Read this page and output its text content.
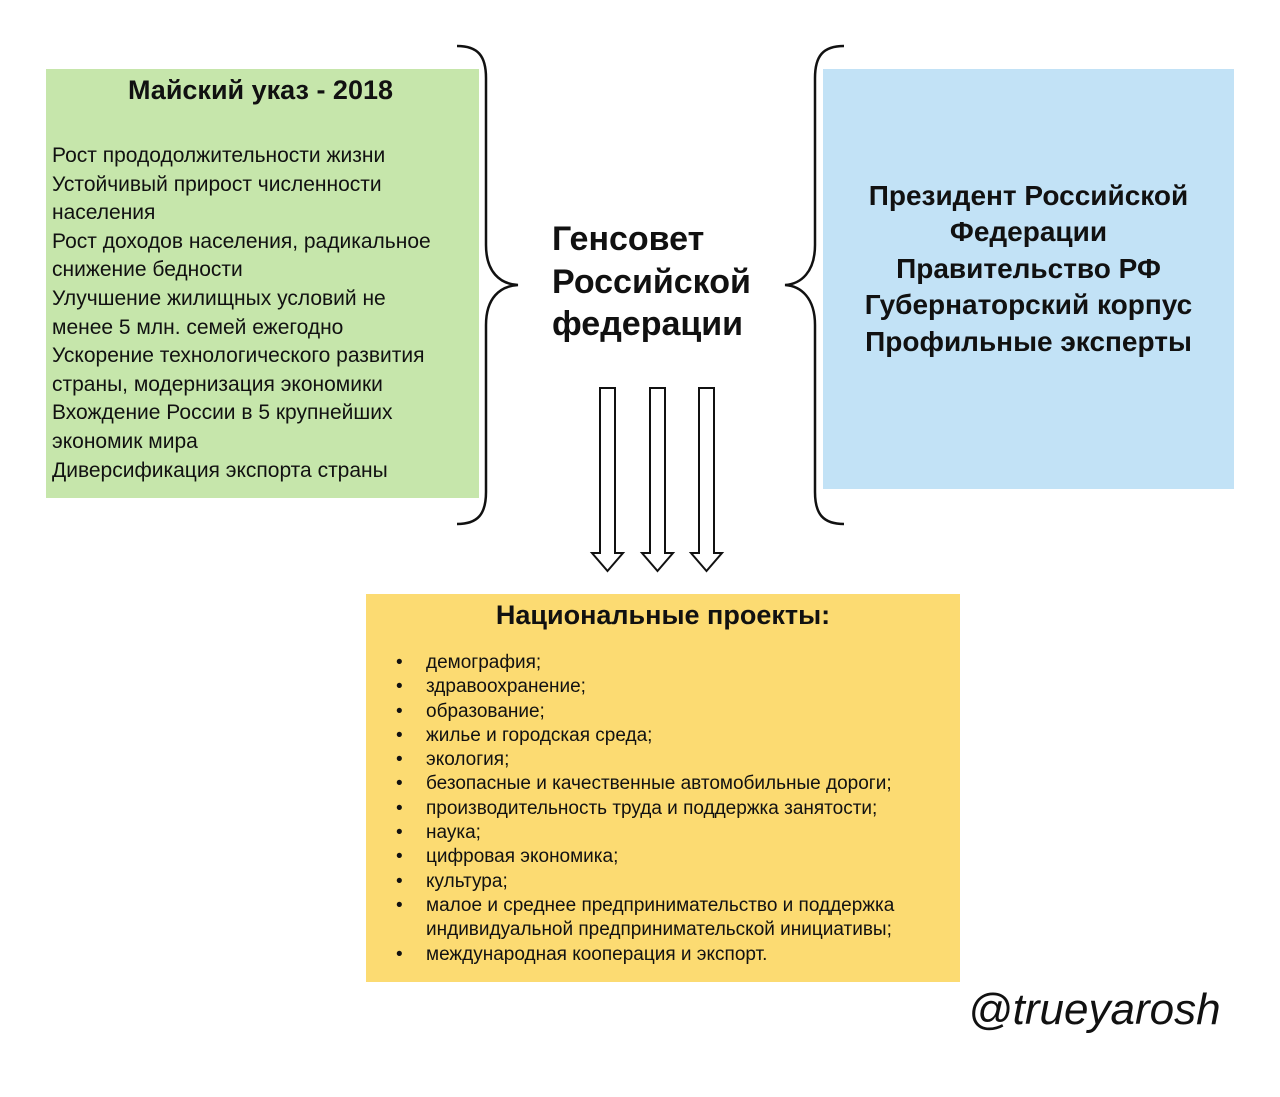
Майский указ - 2018
Рост прододолжительности жизни
Устойчивый прирост численности
населения
Рост доходов населения, радикальное
снижение бедности
Улучшение жилищных условий не
менее 5 млн. семей ежегодно
Ускорение технологического развития
страны, модернизация экономики
Вхождение России в 5 крупнейших
экономик мира
Диверсификация экспорта страны
Генсовет
Российской
федерации
Президент Российской
Федерации
Правительство РФ
Губернаторский корпус
Профильные эксперты
Национальные проекты:
• демография;
• здравоохранение;
• образование;
• жилье и городская среда;
• экология;
• безопасные и качественные автомобильные дороги;
• производительность труда и поддержка занятости;
• наука;
• цифровая экономика;
• культура;
• малое и среднее предпринимательство и поддержка
индивидуальной предпринимательской инициативы;
• международная кооперация и экспорт.
@trueyarosh
